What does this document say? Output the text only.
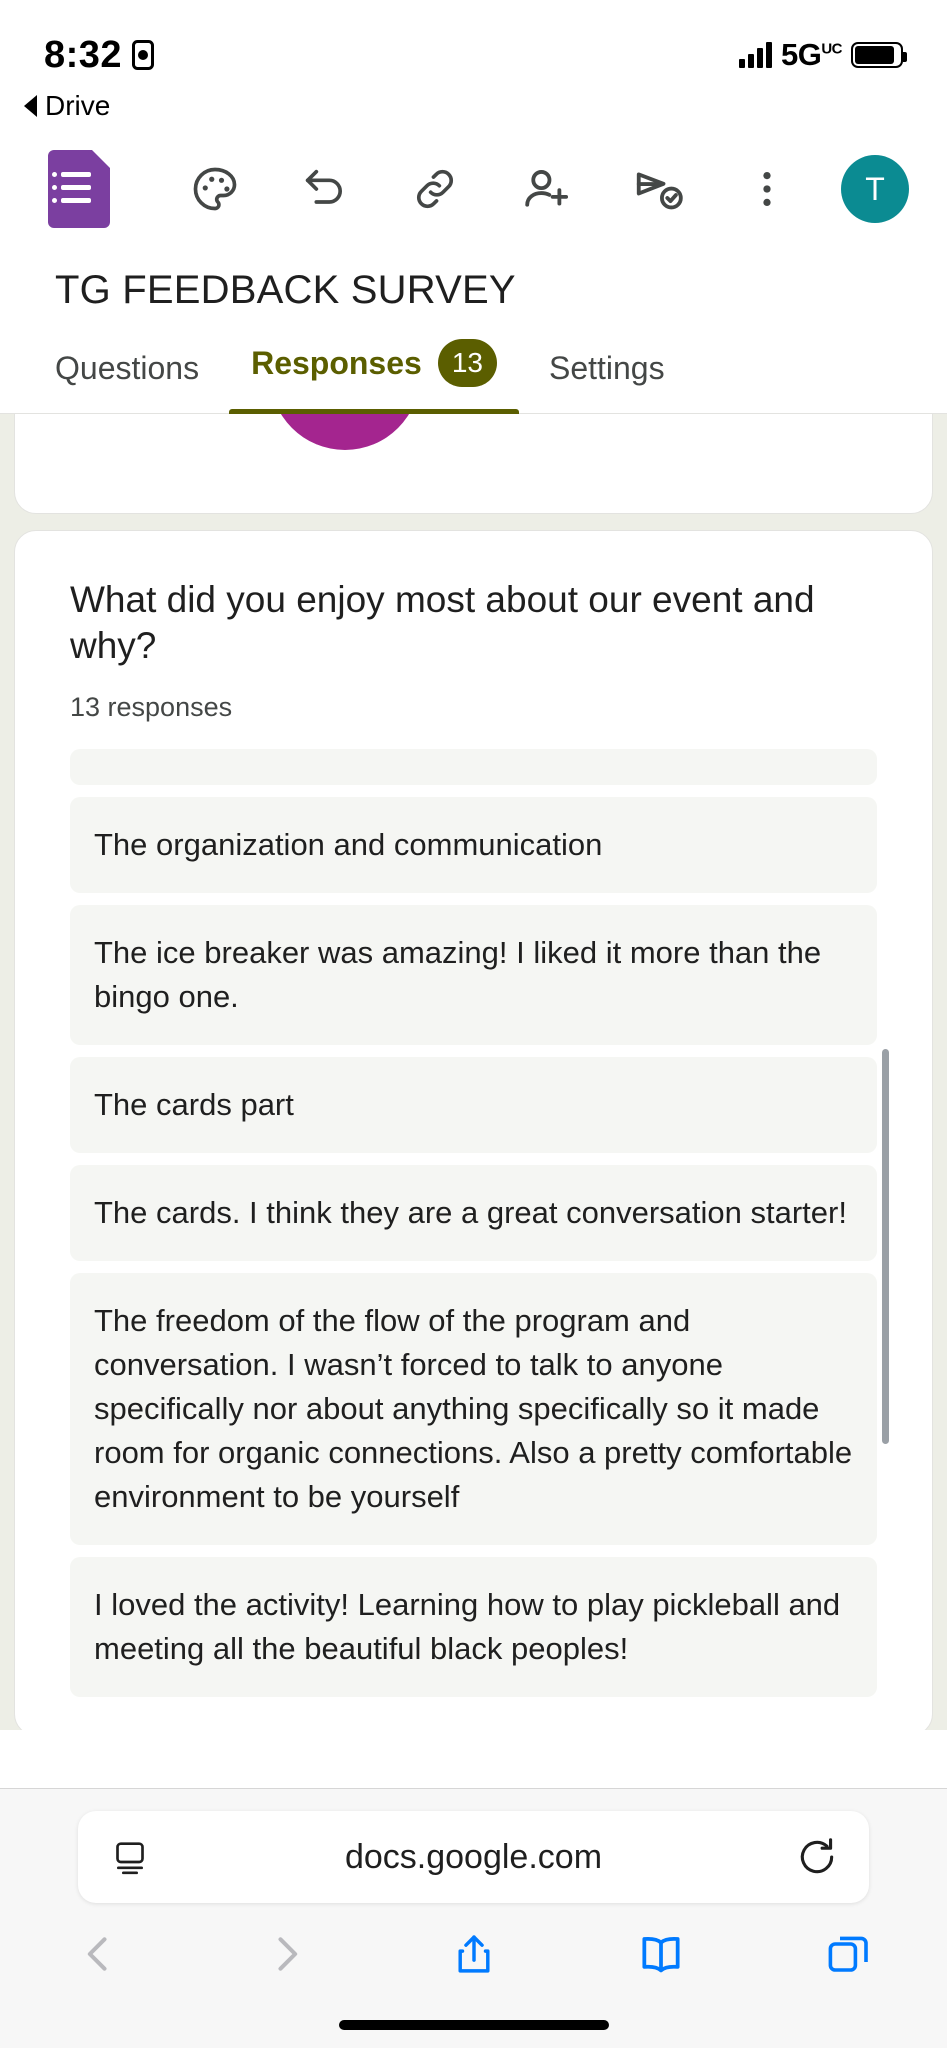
8:32	$5G^{UC}$
Drive
T
TG FEEDBACK SURVEY
Questions Responses	13	Settings
What did you enjoy most about our event and why?
13 responses
The organization and communication
The ice breaker was amazing! I liked it more than the bingo one.
The cards part
The cards. I think they are a great conversation starter!
The freedom of the flow of the program and conversation. I wasn’t forced to talk to anyone specifically nor about anything specifically so it made room for organic connections. Also a pretty comfortable environment to be yourself
I loved the activity! Learning how to play pickleball and meeting all the beautiful black peoples!
docs.google.com
